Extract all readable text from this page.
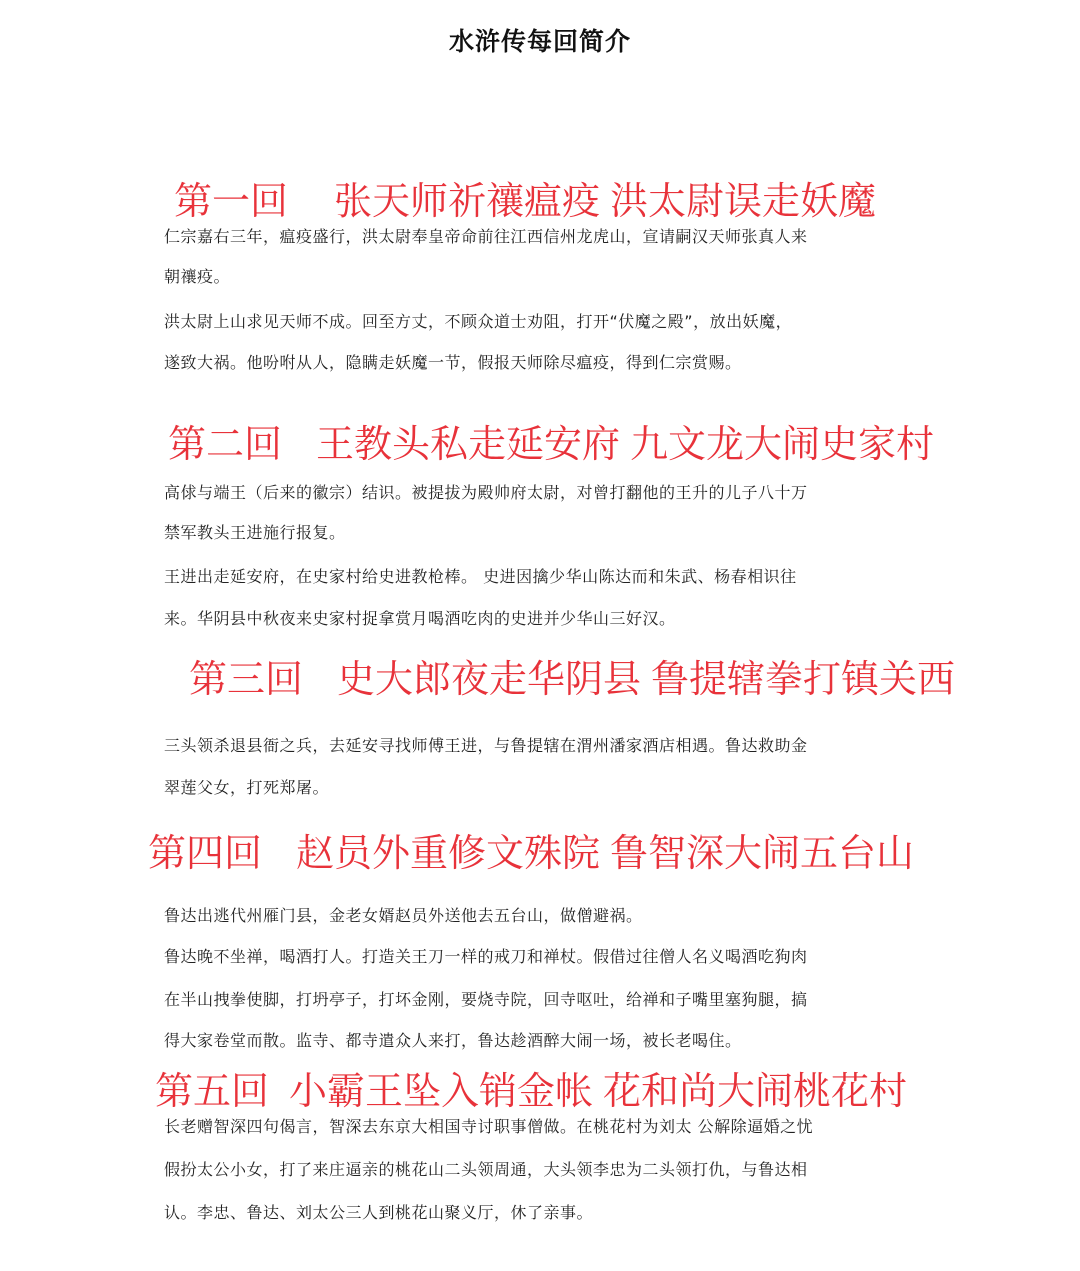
水浒传每回简介
第一回 张天师祈禳瘟疫 洪太尉误走妖魔
仁宗嘉右三年，瘟疫盛行，洪太尉奉皇帝命前往江西信州龙虎山，宣请嗣汉天师张真人来
朝禳疫。
洪太尉上山求见天师不成。回至方丈，不顾众道士劝阻，打开“伏魔之殿”，放出妖魔，
遂致大祸。他吩咐从人，隐瞒走妖魔一节，假报天师除尽瘟疫，得到仁宗赏赐。
第二回 王教头私走延安府 九文龙大闹史家村
高俅与端王（后来的徽宗）结识。被提拔为殿帅府太尉，对曾打翻他的王升的儿子八十万
禁军教头王进施行报复。
王进出走延安府，在史家村给史进教枪棒。 史进因擒少华山陈达而和朱武、杨春相识往
来。华阴县中秋夜来史家村捉拿赏月喝酒吃肉的史进并少华山三好汉。
第三回 史大郎夜走华阴县 鲁提辖拳打镇关西
三头领杀退县衙之兵，去延安寻找师傅王进，与鲁提辖在渭州潘家酒店相遇。鲁达救助金
翠莲父女，打死郑屠。
第四回 赵员外重修文殊院 鲁智深大闹五台山
鲁达出逃代州雁门县，金老女婿赵员外送他去五台山，做僧避祸。
鲁达晚不坐禅，喝酒打人。打造关王刀一样的戒刀和禅杖。假借过往僧人名义喝酒吃狗肉
在半山拽拳使脚，打坍亭子，打坏金刚，要烧寺院，回寺呕吐，给禅和子嘴里塞狗腿，搞
得大家卷堂而散。监寺、都寺遣众人来打，鲁达趁酒醉大闹一场，被长老喝住。
第五回 小霸王坠入销金帐 花和尚大闹桃花村
长老赠智深四句偈言，智深去东京大相国寺讨职事僧做。在桃花村为刘太 公解除逼婚之忧
假扮太公小女，打了来庄逼亲的桃花山二头领周通，大头领李忠为二头领打仇，与鲁达相
认。李忠、鲁达、刘太公三人到桃花山聚义厅，休了亲事。
